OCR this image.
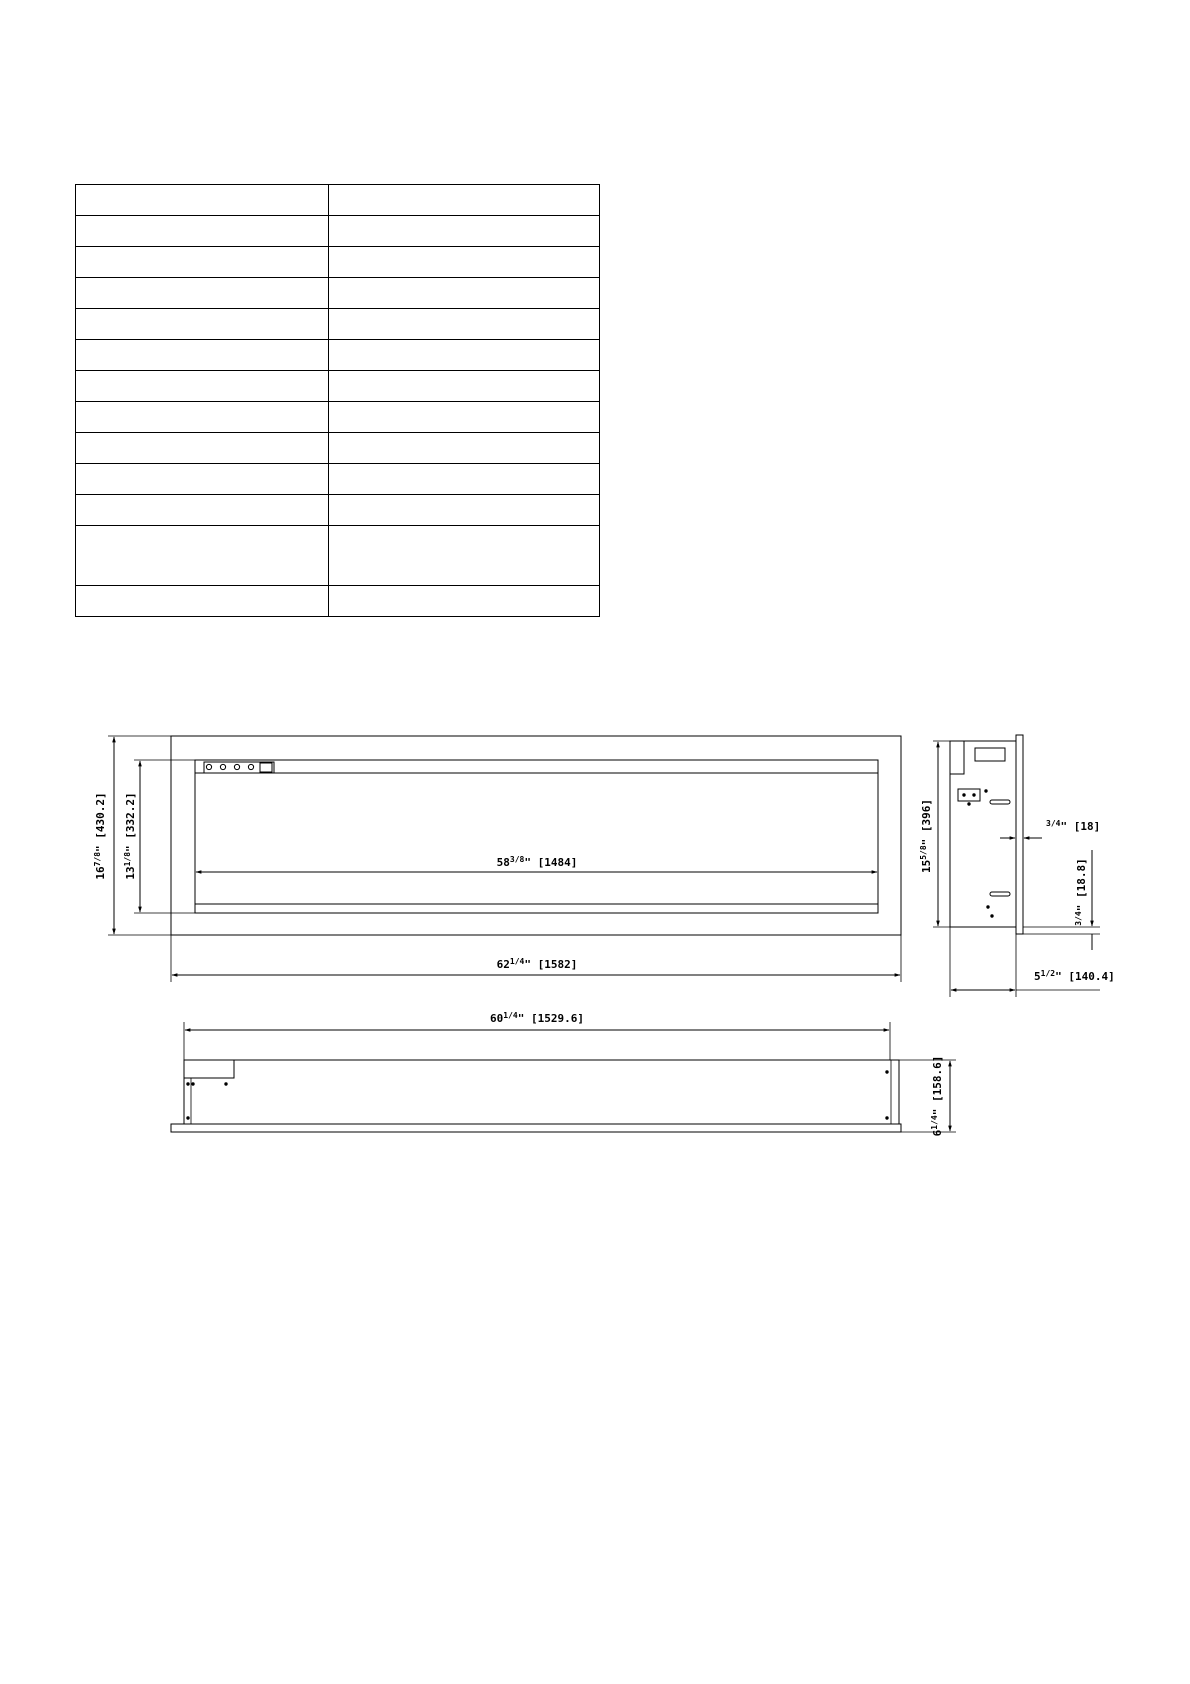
$16^7/8$" [430.2]
$13^1/8$" [332.2]
$58^3/8$" [1484]
$62^1/4$" [1582]
$15^5/8$" [396]	$^3$/4" [18]
$^3$/4" [18.8]
$5^1/2$" [140.4]
$60^1/4$" [1529.6]
$6^1/4$" [158.6]
